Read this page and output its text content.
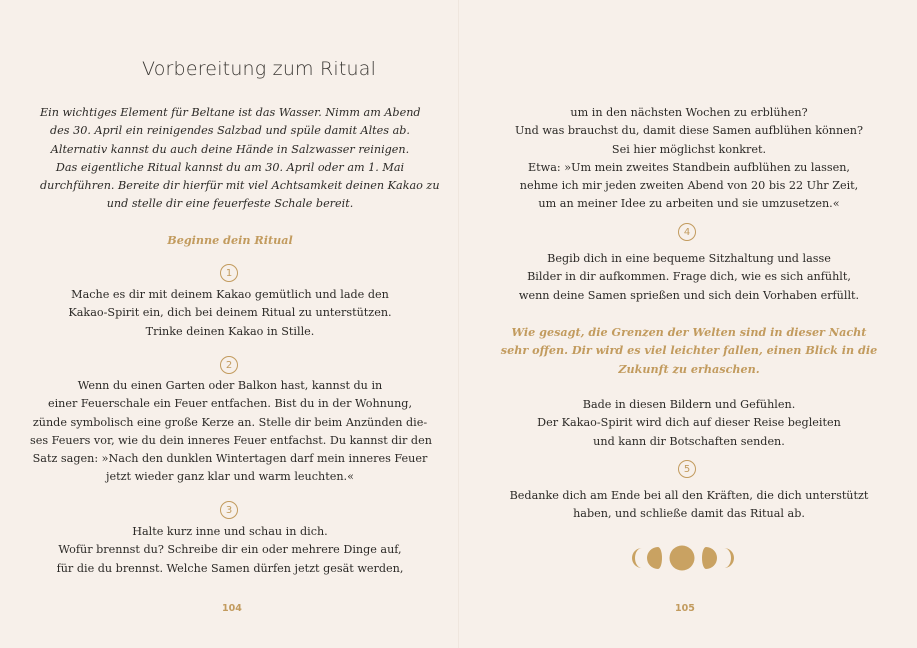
Vorbereitung zum Ritual
Ein wichtiges Element für Beltane ist das Wasser. Nimm am Abend
des 30. April ein reinigendes Salzbad und spüle damit Altes ab.
Alternativ kannst du auch deine Hände in Salzwasser reinigen.
Das eigentliche Ritual kannst du am 30. April oder am 1. Mai
durchführen. Bereite dir hierfür mit viel Achtsamkeit deinen Kakao zu
und stelle dir eine feuerfeste Schale bereit.
Beginne dein Ritual
1
Mache es dir mit deinem Kakao gemütlich und lade den
Kakao-Spirit ein, dich bei deinem Ritual zu unterstützen.
Trinke deinen Kakao in Stille.
2
Wenn du einen Garten oder Balkon hast, kannst du in
einer Feuerschale ein Feuer entfachen. Bist du in der Wohnung,
zünde symbolisch eine große Kerze an. Stelle dir beim Anzünden die-
ses Feuers vor, wie du dein inneres Feuer entfachst. Du kannst dir den
Satz sagen: »Nach den dunklen Wintertagen darf mein inneres Feuer
jetzt wieder ganz klar und warm leuchten.«
3
Halte kurz inne und schau in dich.
Wofür brennst du? Schreibe dir ein oder mehrere Dinge auf,
für die du brennst. Welche Samen dürfen jetzt gesät werden,
104
um in den nächsten Wochen zu erblühen?
Und was brauchst du, damit diese Samen aufblühen können?
Sei hier möglichst konkret.
Etwa: »Um mein zweites Standbein aufblühen zu lassen,
nehme ich mir jeden zweiten Abend von 20 bis 22 Uhr Zeit,
um an meiner Idee zu arbeiten und sie umzusetzen.«
4
Begib dich in eine bequeme Sitzhaltung und lasse
Bilder in dir aufkommen. Frage dich, wie es sich anfühlt,
wenn deine Samen sprießen und sich dein Vorhaben erfüllt.
Wie gesagt, die Grenzen der Welten sind in dieser Nacht
sehr offen. Dir wird es viel leichter fallen, einen Blick in die
Zukunft zu erhaschen.
Bade in diesen Bildern und Gefühlen.
Der Kakao-Spirit wird dich auf dieser Reise begleiten
und kann dir Botschaften senden.
5
Bedanke dich am Ende bei all den Kräften, die dich unterstützt
haben, und schließe damit das Ritual ab.
105
